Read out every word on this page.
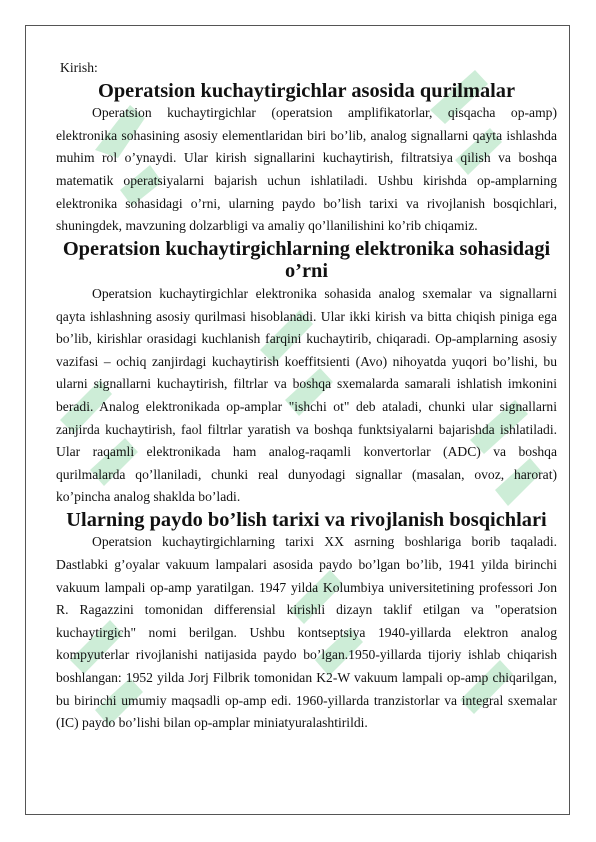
Kirish:

Operatsion kuchaytirgichlar asosida qurilmalar

Operatsion kuchaytirgichlar (operatsion amplifikatorlar, qisqacha op-amp) elektronika sohasining asosiy elementlaridan biri bo’lib, analog signallarni qayta ishlashda muhim rol o’ynaydi. Ular kirish signallarini kuchaytirish, filtratsiya qilish va boshqa matematik operatsiyalarni bajarish uchun ishlatiladi. Ushbu kirishda op-amplarning elektronika sohasidagi o’rni, ularning paydo bo’lish tarixi va rivojlanish bosqichlari, shuningdek, mavzuning dolzarbligi va amaliy qo’llanilishini ko’rib chiqamiz.

Operatsion kuchaytirgichlarning elektronika sohasidagi o’rni

Operatsion kuchaytirgichlar elektronika sohasida analog sxemalar va signallarni qayta ishlashning asosiy qurilmasi hisoblanadi. Ular ikki kirish va bitta chiqish piniga ega bo’lib, kirishlar orasidagi kuchlanish farqini kuchaytirib, chiqaradi. Op-amplarning asosiy vazifasi – ochiq zanjirdagi kuchaytirish koeffitsienti (Avo) nihoyatda yuqori bo’lishi, bu ularni signallarni kuchaytirish, filtrlar va boshqa sxemalarda samarali ishlatish imkonini beradi. Analog elektronikada op-amplar "ishchi ot" deb ataladi, chunki ular signallarni zanjirda kuchaytirish, faol filtrlar yaratish va boshqa funktsiyalarni bajarishda ishlatiladi. Ular raqamli elektronikada ham analog-raqamli konvertorlar (ADC) va boshqa qurilmalarda qo’llaniladi, chunki real dunyodagi signallar (masalan, ovoz, harorat) ko’pincha analog shaklda bo’ladi.

Ularning paydo bo’lish tarixi va rivojlanish bosqichlari

Operatsion kuchaytirgichlarning tarixi XX asrning boshlariga borib taqaladi. Dastlabki g’oyalar vakuum lampalari asosida paydo bo’lgan bo’lib, 1941 yilda birinchi vakuum lampali op-amp yaratilgan. 1947 yilda Kolumbiya universitetining professori Jon R. Ragazzini tomonidan differensial kirishli dizayn taklif etilgan va "operatsion kuchaytirgich" nomi berilgan. Ushbu kontseptsiya 1940-yillarda elektron analog kompyuterlar rivojlanishi natijasida paydo bo’lgan.1950-yillarda tijoriy ishlab chiqarish boshlangan: 1952 yilda Jorj Filbrik tomonidan K2-W vakuum lampali op-amp chiqarilgan, bu birinchi umumiy maqsadli op-amp edi. 1960-yillarda tranzistorlar va integral sxemalar (IC) paydo bo’lishi bilan op-amplar miniatyuralashtirildi.
